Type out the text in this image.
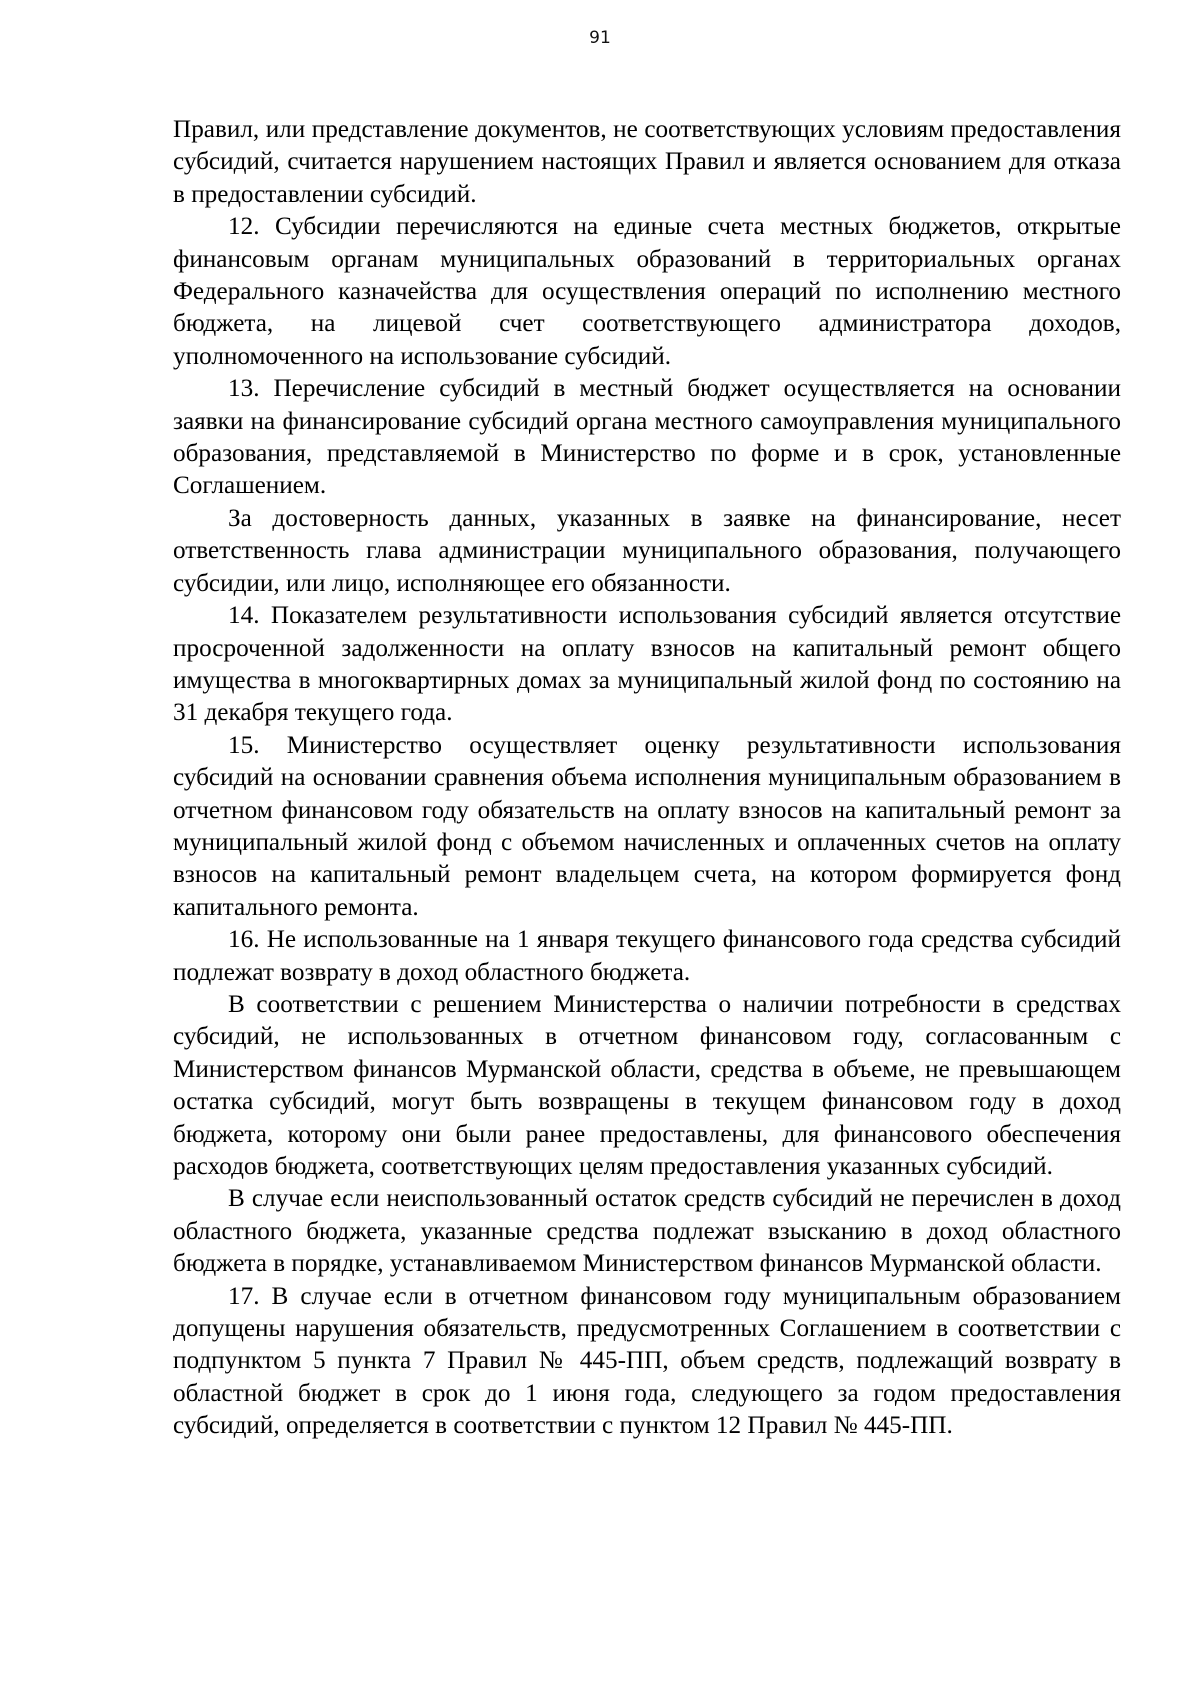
91

Правил, или представление документов, не соответствующих условиям предоставления субсидий, считается нарушением настоящих Правил и является основанием для отказа в предоставлении субсидий.

12. Субсидии перечисляются на единые счета местных бюджетов, открытые финансовым органам муниципальных образований в территориальных органах Федерального казначейства для осуществления операций по исполнению местного бюджета, на лицевой счет соответствующего администратора доходов, уполномоченного на использование субсидий.

13. Перечисление субсидий в местный бюджет осуществляется на основании заявки на финансирование субсидий органа местного самоуправления муниципального образования, представляемой в Министерство по форме и в срок, установленные Соглашением.

За достоверность данных, указанных в заявке на финансирование, несет ответственность глава администрации муниципального образования, получающего субсидии, или лицо, исполняющее его обязанности.

14. Показателем результативности использования субсидий является отсутствие просроченной задолженности на оплату взносов на капитальный ремонт общего имущества в многоквартирных домах за муниципальный жилой фонд по состоянию на 31 декабря текущего года.

15. Министерство осуществляет оценку результативности использования субсидий на основании сравнения объема исполнения муниципальным образованием в отчетном финансовом году обязательств на оплату взносов на капитальный ремонт за муниципальный жилой фонд с объемом начисленных и оплаченных счетов на оплату взносов на капитальный ремонт владельцем счета, на котором формируется фонд капитального ремонта.

16. Не использованные на 1 января текущего финансового года средства субсидий подлежат возврату в доход областного бюджета.

В соответствии с решением Министерства о наличии потребности в средствах субсидий, не использованных в отчетном финансовом году, согласованным с Министерством финансов Мурманской области, средства в объеме, не превышающем остатка субсидий, могут быть возвращены в текущем финансовом году в доход бюджета, которому они были ранее предоставлены, для финансового обеспечения расходов бюджета, соответствующих целям предоставления указанных субсидий.

В случае если неиспользованный остаток средств субсидий не перечислен в доход областного бюджета, указанные средства подлежат взысканию в доход областного бюджета в порядке, устанавливаемом Министерством финансов Мурманской области.

17. В случае если в отчетном финансовом году муниципальным образованием допущены нарушения обязательств, предусмотренных Соглашением в соответствии с подпунктом 5 пункта 7 Правил № 445-ПП, объем средств, подлежащий возврату в областной бюджет в срок до 1 июня года, следующего за годом предоставления субсидий, определяется в соответствии с пунктом 12 Правил № 445-ПП.
